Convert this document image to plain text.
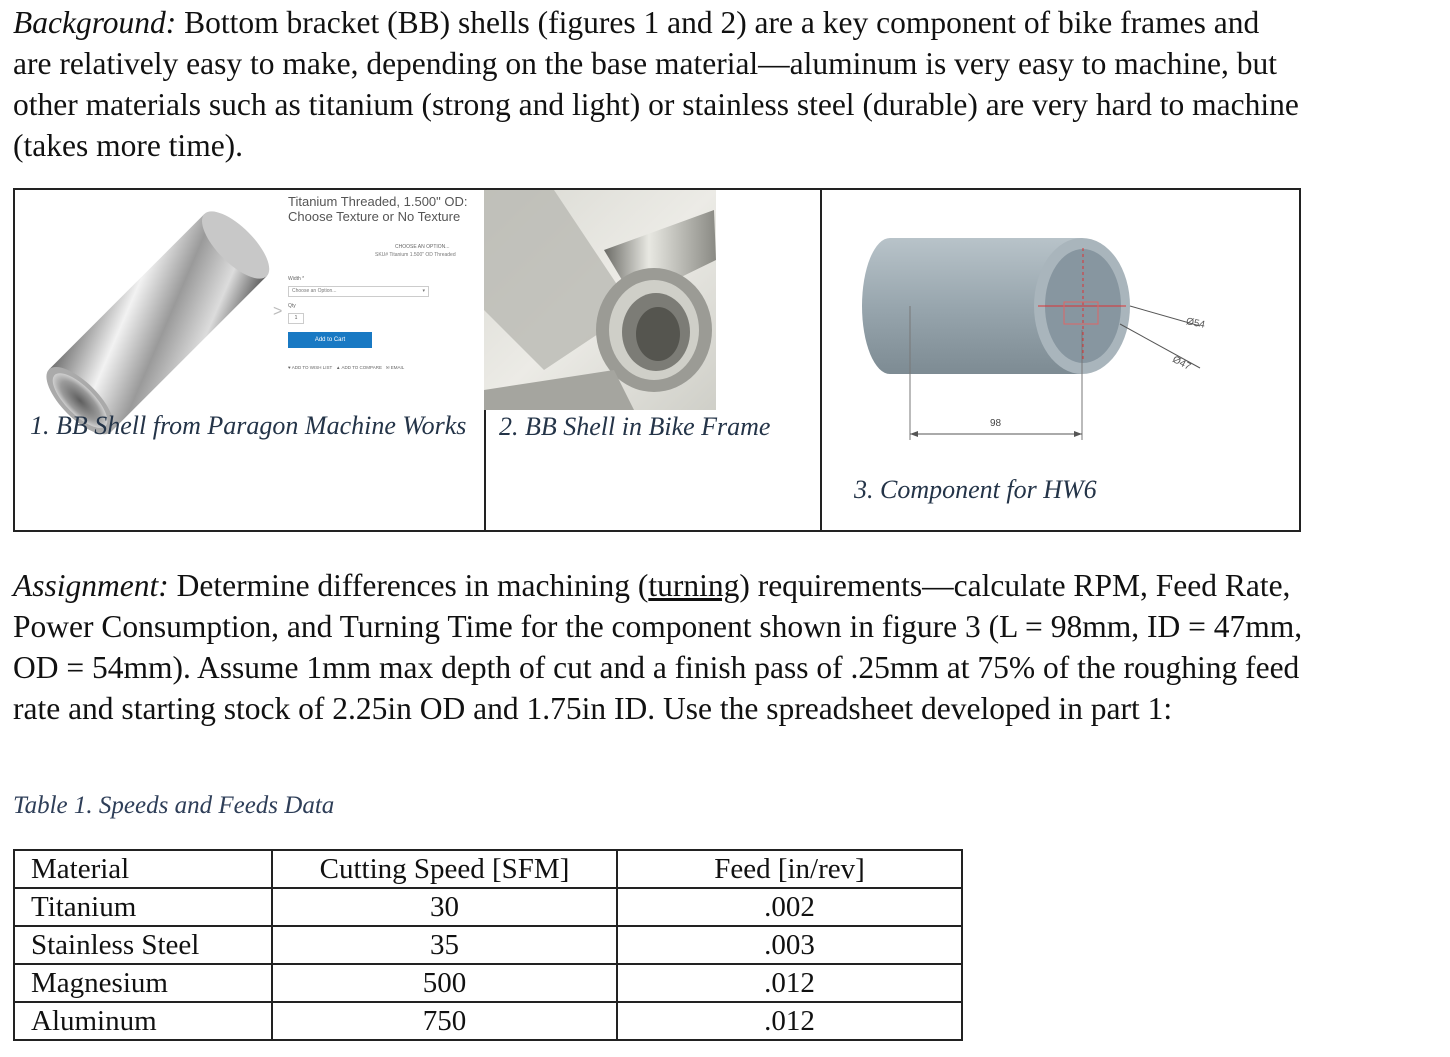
Background: Bottom bracket (BB) shells (figures 1 and 2) are a key component of bike frames and are relatively easy to make, depending on the base material—aluminum is very easy to machine, but other materials such as titanium (strong and light) or stainless steel (durable) are very hard to machine (takes more time).

>
Titanium Threaded, 1.500" OD: Choose Texture or No Texture
CHOOSE AN OPTION...
SKU# Titanium 1.500" OD Threaded
Width *
Choose an Option...	▾
Qty
1
Add to Cart
♥ ADD TO WISH LIST ▲ ADD TO COMPARE ✉ EMAIL
1. BB Shell from Paragon Machine Works 2. BB Shell in Bike Frame	98
Ø54
Ø47
3. Component for HW6

Assignment: Determine differences in machining (turning) requirements—calculate RPM, Feed Rate, Power Consumption, and Turning Time for the component shown in figure 3 (L = 98mm, ID = 47mm, OD = 54mm). Assume 1mm max depth of cut and a finish pass of .25mm at 75% of the roughing feed rate and starting stock of 2.25in OD and 1.75in ID. Use the spreadsheet developed in part 1:

Table 1. Speeds and Feeds Data
Material	Cutting Speed [SFM]	Feed [in/rev]
Titanium	30	.002
Stainless Steel	35	.003
Magnesium	500	.012
Aluminum	750	.012
